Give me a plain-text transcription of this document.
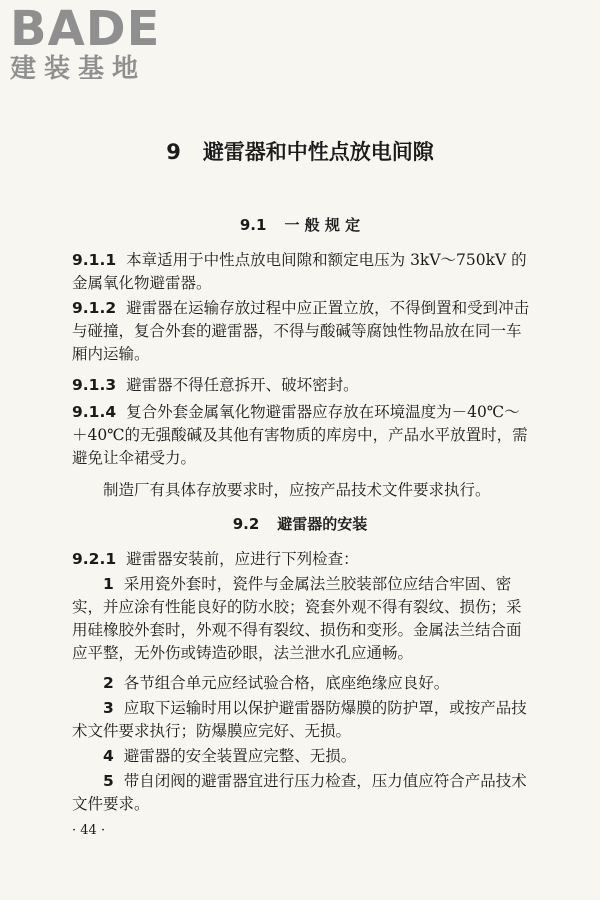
BADE
建装基地
9 避雷器和中性点放电间隙
9.1 一 般 规 定
9.1.1 本章适用于中性点放电间隙和额定电压为 3kV～750kV 的金属氧化物避雷器。
9.1.2 避雷器在运输存放过程中应正置立放，不得倒置和受到冲击与碰撞，复合外套的避雷器，不得与酸碱等腐蚀性物品放在同一车厢内运输。
9.1.3 避雷器不得任意拆开、破坏密封。
9.1.4 复合外套金属氧化物避雷器应存放在环境温度为－40℃～＋40℃的无强酸碱及其他有害物质的库房中，产品水平放置时，需避免让伞裙受力。
制造厂有具体存放要求时，应按产品技术文件要求执行。
9.2 避雷器的安装
9.2.1 避雷器安装前，应进行下列检查：
1 采用瓷外套时，瓷件与金属法兰胶装部位应结合牢固、密实，并应涂有性能良好的防水胶；瓷套外观不得有裂纹、损伤；采用硅橡胶外套时，外观不得有裂纹、损伤和变形。金属法兰结合面应平整，无外伤或铸造砂眼，法兰泄水孔应通畅。
2 各节组合单元应经试验合格，底座绝缘应良好。
3 应取下运输时用以保护避雷器防爆膜的防护罩，或按产品技术文件要求执行；防爆膜应完好、无损。
4 避雷器的安全装置应完整、无损。
5 带自闭阀的避雷器宜进行压力检查，压力值应符合产品技术文件要求。
· 44 ·
